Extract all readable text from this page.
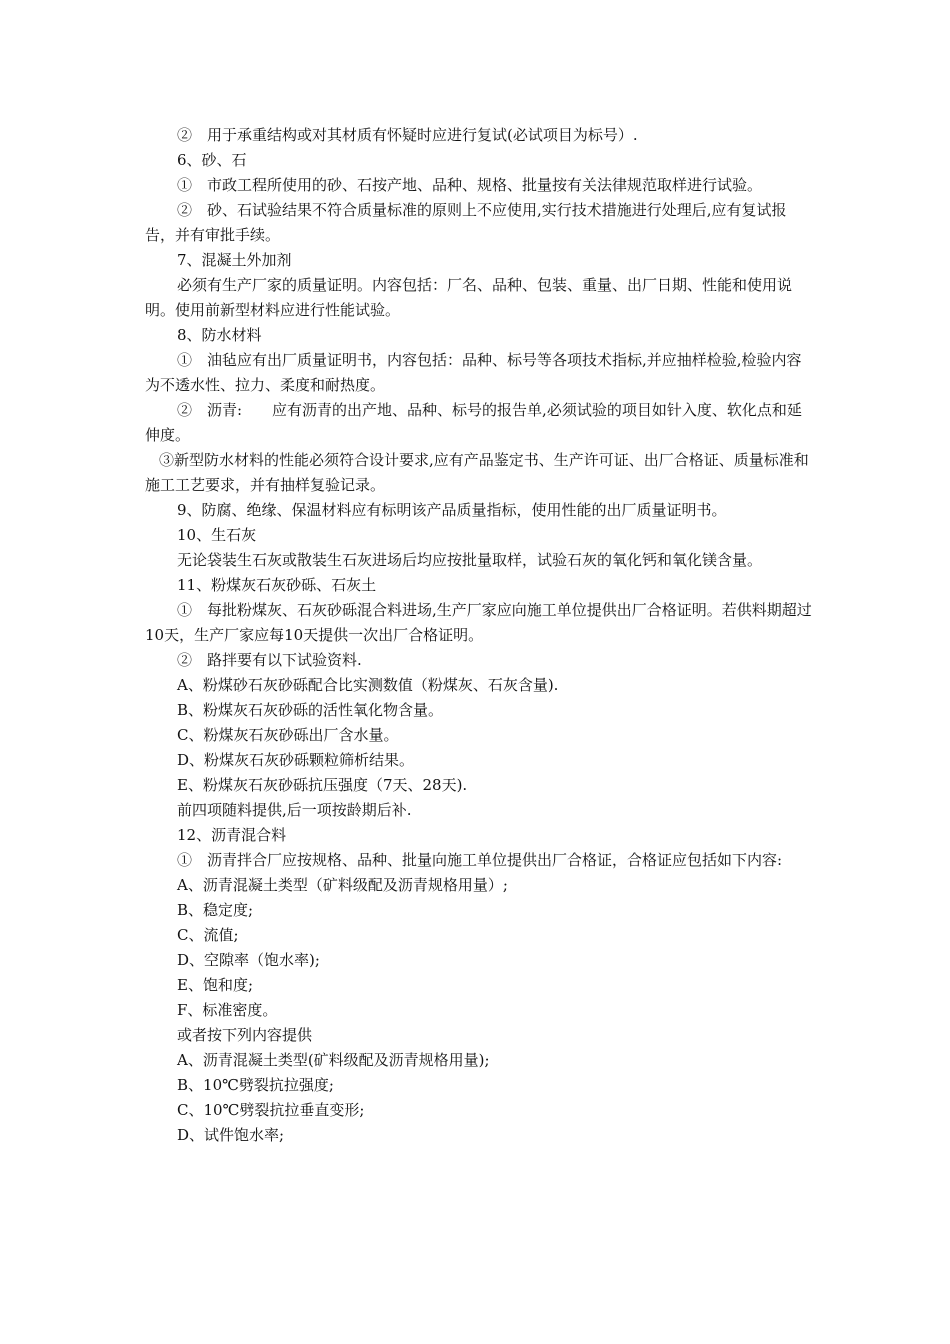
②　用于承重结构或对其材质有怀疑时应进行复试(必试项目为标号）.

6、砂、石

①　市政工程所使用的砂、石按产地、品种、规格、批量按有关法律规范取样进行试验。

②　砂、石试验结果不符合质量标准的原则上不应使用,实行技术措施进行处理后,应有复试报告，并有审批手续。

7、混凝土外加剂

必须有生产厂家的质量证明。内容包括：厂名、品种、包装、重量、出厂日期、性能和使用说明。使用前新型材料应进行性能试验。

8、防水材料

①　油毡应有出厂质量证明书，内容包括：品种、标号等各项技术指标,并应抽样检验,检验内容为不透水性、拉力、柔度和耐热度。

②　沥青:　　应有沥青的出产地、品种、标号的报告单,必须试验的项目如针入度、软化点和延伸度。

③新型防水材料的性能必须符合设计要求,应有产品鉴定书、生产许可证、出厂合格证、质量标准和施工工艺要求，并有抽样复验记录。

9、防腐、绝缘、保温材料应有标明该产品质量指标，使用性能的出厂质量证明书。

10、生石灰

无论袋装生石灰或散装生石灰进场后均应按批量取样，试验石灰的氧化钙和氧化镁含量。

11、粉煤灰石灰砂砾、石灰土

①　每批粉煤灰、石灰砂砾混合料进场,生产厂家应向施工单位提供出厂合格证明。若供料期超过10天，生产厂家应每10天提供一次出厂合格证明。

②　路拌要有以下试验资料.

A、粉煤砂石灰砂砾配合比实测数值（粉煤灰、石灰含量).

B、粉煤灰石灰砂砾的活性氧化物含量。

C、粉煤灰石灰砂砾出厂含水量。

D、粉煤灰石灰砂砾颗粒筛析结果。

E、粉煤灰石灰砂砾抗压强度（7天、28天).

前四项随料提供,后一项按龄期后补.

12、沥青混合料

①　沥青拌合厂应按规格、品种、批量向施工单位提供出厂合格证，合格证应包括如下内容:

A、沥青混凝土类型（矿料级配及沥青规格用量）;

B、稳定度;

C、流值;

D、空隙率（饱水率);

E、饱和度;

F、标准密度。

或者按下列内容提供

A、沥青混凝土类型(矿料级配及沥青规格用量);

B、10℃劈裂抗拉强度;

C、10℃劈裂抗拉垂直变形;

D、试件饱水率;
